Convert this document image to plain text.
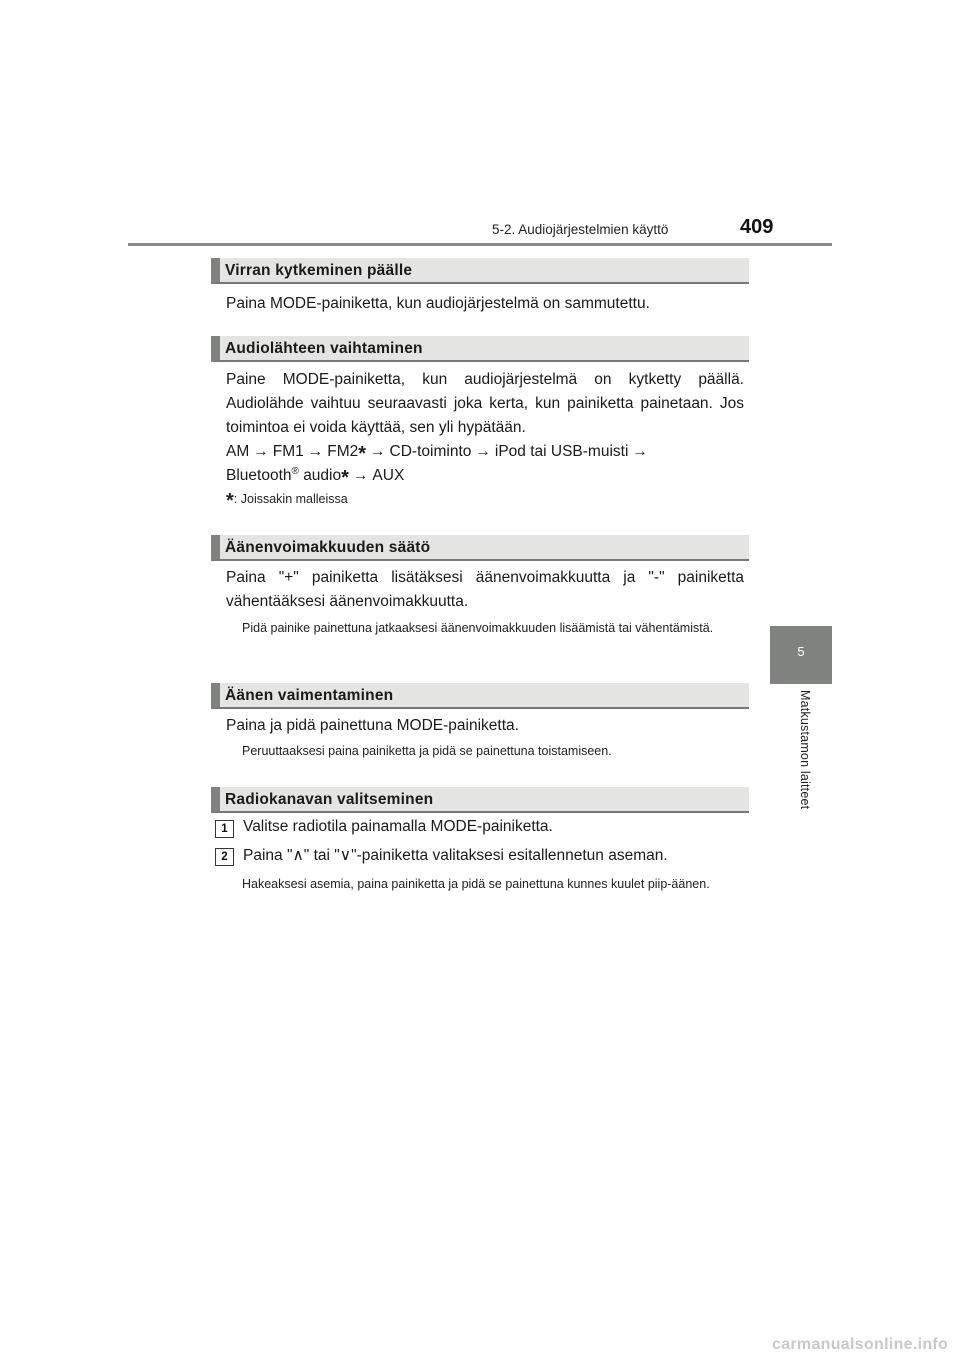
5-2. Audiojärjestelmien käyttö	409
5
Matkustamon laitteet
Virran kytkeminen päälle
Paina MODE-painiketta, kun audiojärjestelmä on sammutettu.
Audiolähteen vaihtaminen
Paine MODE-painiketta, kun audiojärjestelmä on kytketty päällä. Audiolähde vaihtuu seuraavasti joka kerta, kun painiketta painetaan. Jos toimintoa ei voida käyttää, sen yli hypätään.
AM → FM1 → FM2* → CD-toiminto → iPod tai USB-muisti →
Bluetooth® audio* → AUX
*: Joissakin malleissa
Äänenvoimakkuuden säätö
Paina "+" painiketta lisätäksesi äänenvoimakkuutta ja "-" painiketta vähentääksesi äänenvoimakkuutta.
Pidä painike painettuna jatkaaksesi äänenvoimakkuuden lisäämistä tai vähentämistä.
Äänen vaimentaminen
Paina ja pidä painettuna MODE-painiketta.
Peruuttaaksesi paina painiketta ja pidä se painettuna toistamiseen.
Radiokanavan valitseminen
1 Valitse radiotila painamalla MODE-painiketta.
2 Paina "∧" tai "∨"-painiketta valitaksesi esitallennetun aseman.
Hakeaksesi asemia, paina painiketta ja pidä se painettuna kunnes kuulet piip-äänen.
carmanualsonline.info
